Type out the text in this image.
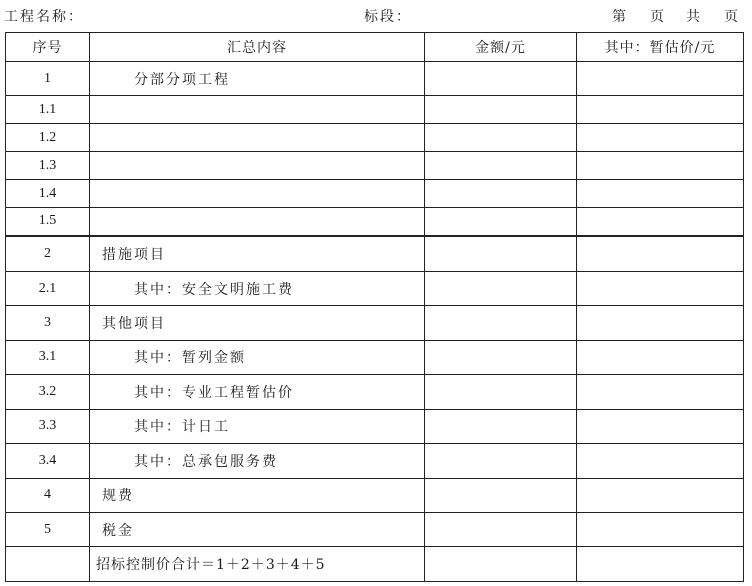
工程名称：	标段：	第 页 共 页
序号	汇总内容	金额/元	其中：暂估价/元
1	分部分项工程		
1.1			
1.2			
1.3			
1.4			
1.5			

2	措施项目		
2.1	其中：安全文明施工费		
3	其他项目		
3.1	其中：暂列金额		
3.2	其中：专业工程暂估价		
3.3	其中：计日工		
3.4	其中：总承包服务费		
4	规费		
5	税金		
	招标控制价合计＝1＋2＋3＋4＋5		
